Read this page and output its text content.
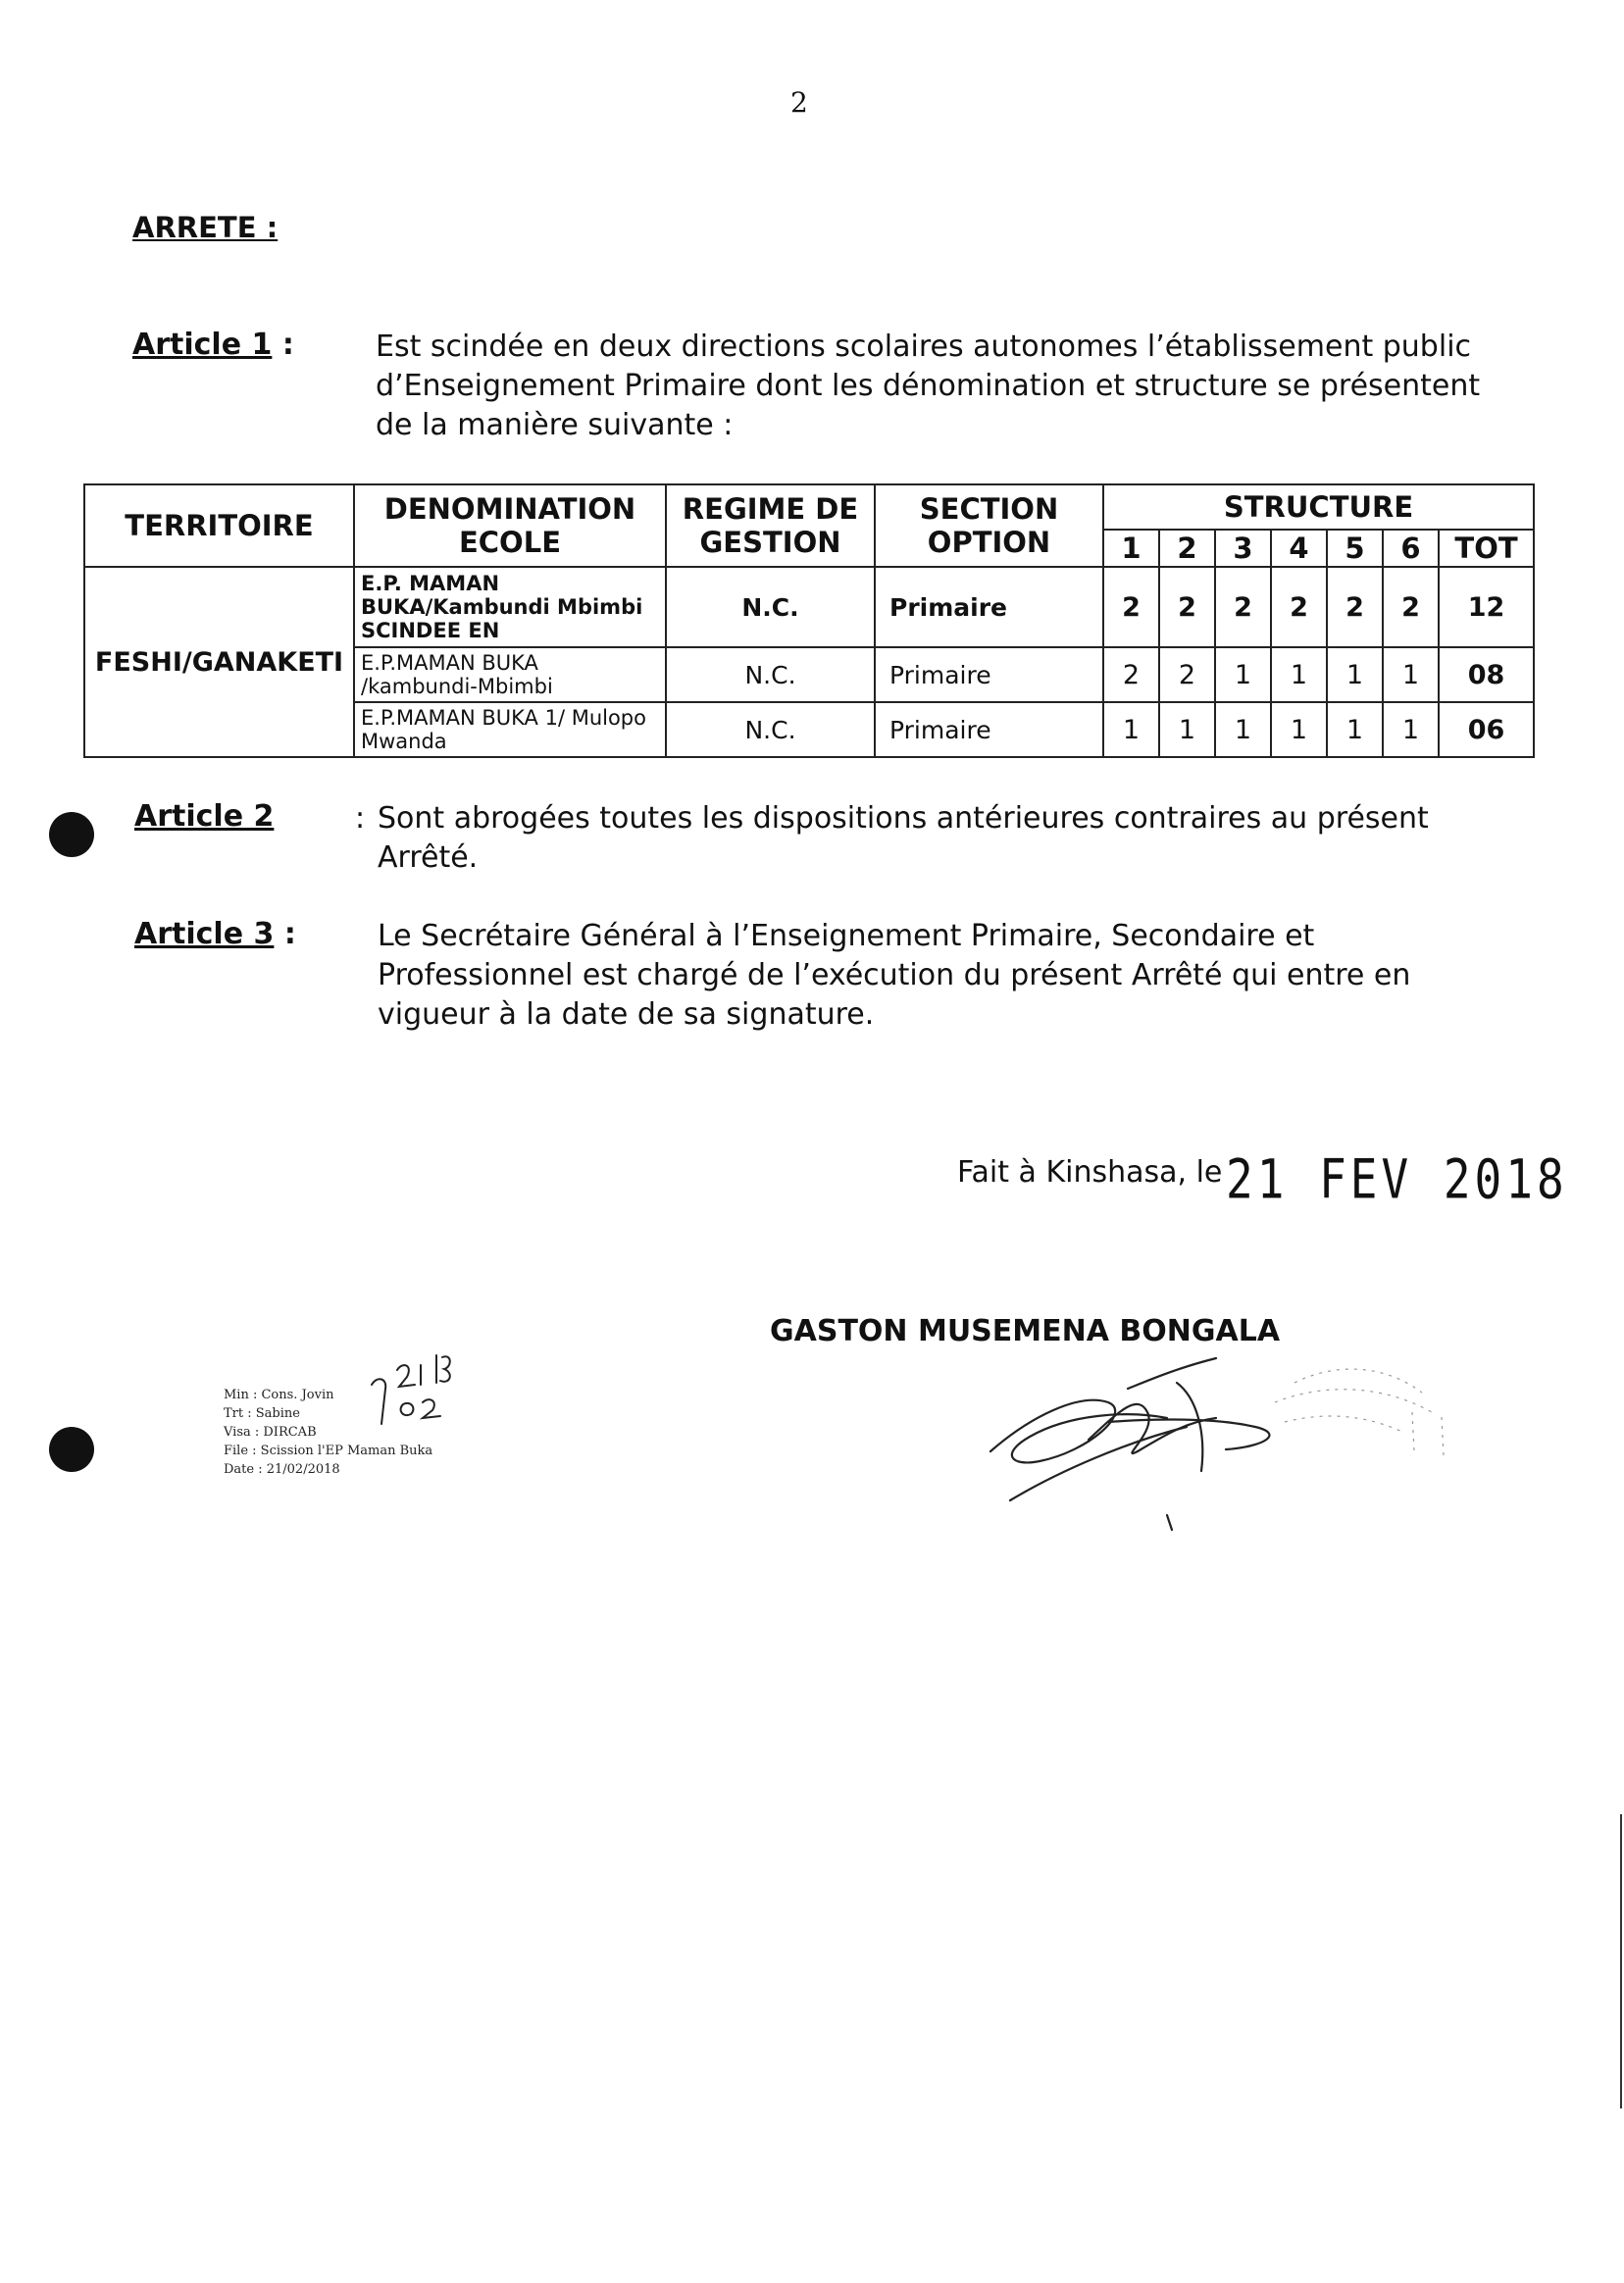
2
ARRETE :
Article 1 :	Est scindée en deux directions scolaires autonomes l’établissement public
d’Enseignement Primaire dont les dénomination et structure se présentent
de la manière suivante :
TERRITOIRE	DENOMINATION ECOLE	REGIME DE GESTION	SECTION OPTION	STRUCTURE						
				1	2	3	4	5	6	TOT
FESHI/GANAKETI	E.P. MAMAN BUKA/Kambundi Mbimbi SCINDEE EN	N.C.	Primaire	2	2	2	2	2	2	12
	E.P.MAMAN BUKA /kambundi-Mbimbi	N.C.	Primaire	2	2	1	1	1	1	08
	E.P.MAMAN BUKA 1/ Mulopo Mwanda	N.C.	Primaire	1	1	1	1	1	1	06
Article 2	: Sont abrogées toutes les dispositions antérieures contraires au présent
Arrêté.
Article 3 :	Le Secrétaire Général à l’Enseignement Primaire, Secondaire et
Professionnel est chargé de l’exécution du présent Arrêté qui entre en
vigueur à la date de sa signature.
Fait à Kinshasa, le 21 FEV 2018
GASTON MUSEMENA BONGALA
Min : Cons. Jovin
Trt : Sabine
Visa : DIRCAB
File : Scission l'EP Maman Buka
Date : 21/02/2018
